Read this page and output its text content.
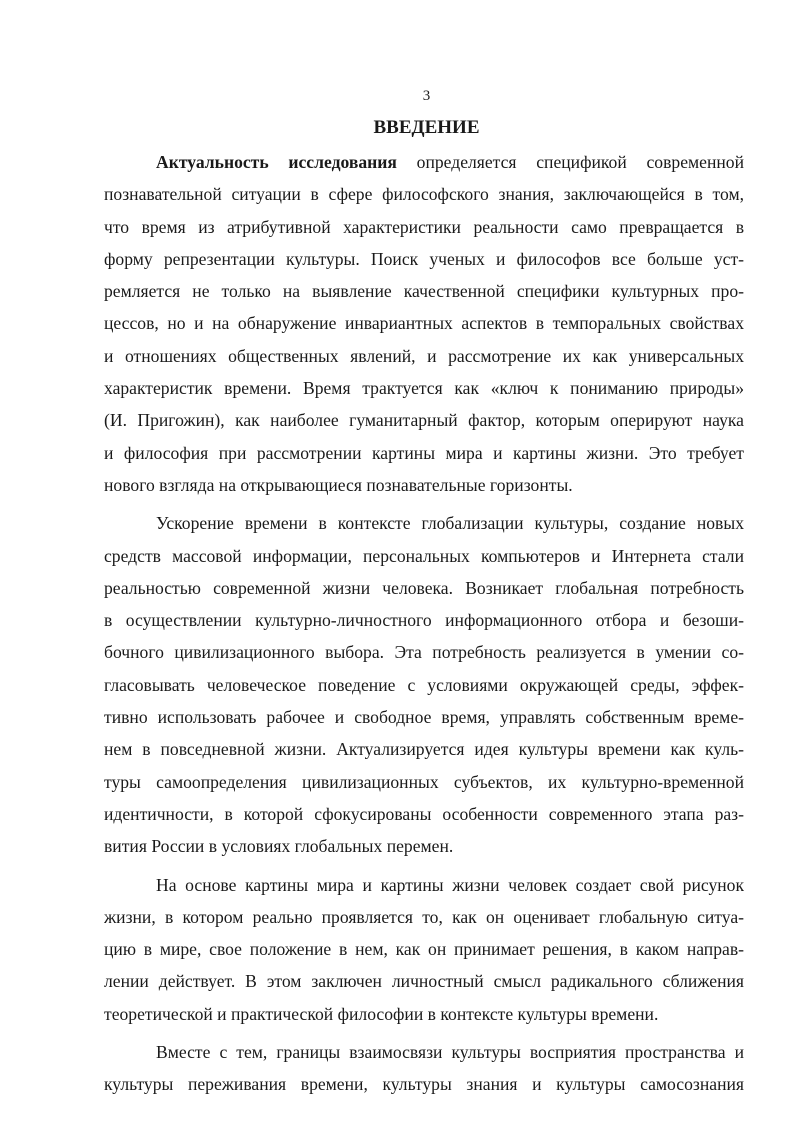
3
ВВЕДЕНИЕ
Актуальность исследования определяется спецификой современной
познавательной ситуации в сфере философского знания, заключающейся в том,
что время из атрибутивной характеристики реальности само превращается в
форму репрезентации культуры. Поиск ученых и философов все больше уст-
ремляется не только на выявление качественной специфики культурных про-
цессов, но и на обнаружение инвариантных аспектов в темпоральных свойствах
и отношениях общественных явлений, и рассмотрение их как универсальных
характеристик времени. Время трактуется как «ключ к пониманию природы»
(И. Пригожин), как наиболее гуманитарный фактор, которым оперируют наука
и философия при рассмотрении картины мира и картины жизни. Это требует
нового взгляда на открывающиеся познавательные горизонты.
Ускорение времени в контексте глобализации культуры, создание новых
средств массовой информации, персональных компьютеров и Интернета стали
реальностью современной жизни человека. Возникает глобальная потребность
в осуществлении культурно-личностного информационного отбора и безоши-
бочного цивилизационного выбора. Эта потребность реализуется в умении со-
гласовывать человеческое поведение с условиями окружающей среды, эффек-
тивно использовать рабочее и свободное время, управлять собственным време-
нем в повседневной жизни. Актуализируется идея культуры времени как куль-
туры самоопределения цивилизационных субъектов, их культурно-временной
идентичности, в которой сфокусированы особенности современного этапа раз-
вития России в условиях глобальных перемен.
На основе картины мира и картины жизни человек создает свой рисунок
жизни, в котором реально проявляется то, как он оценивает глобальную ситуа-
цию в мире, свое положение в нем, как он принимает решения, в каком направ-
лении действует. В этом заключен личностный смысл радикального сближения
теоретической и практической философии в контексте культуры времени.
Вместе с тем, границы взаимосвязи культуры восприятия пространства и
культуры переживания времени, культуры знания и культуры самосознания
